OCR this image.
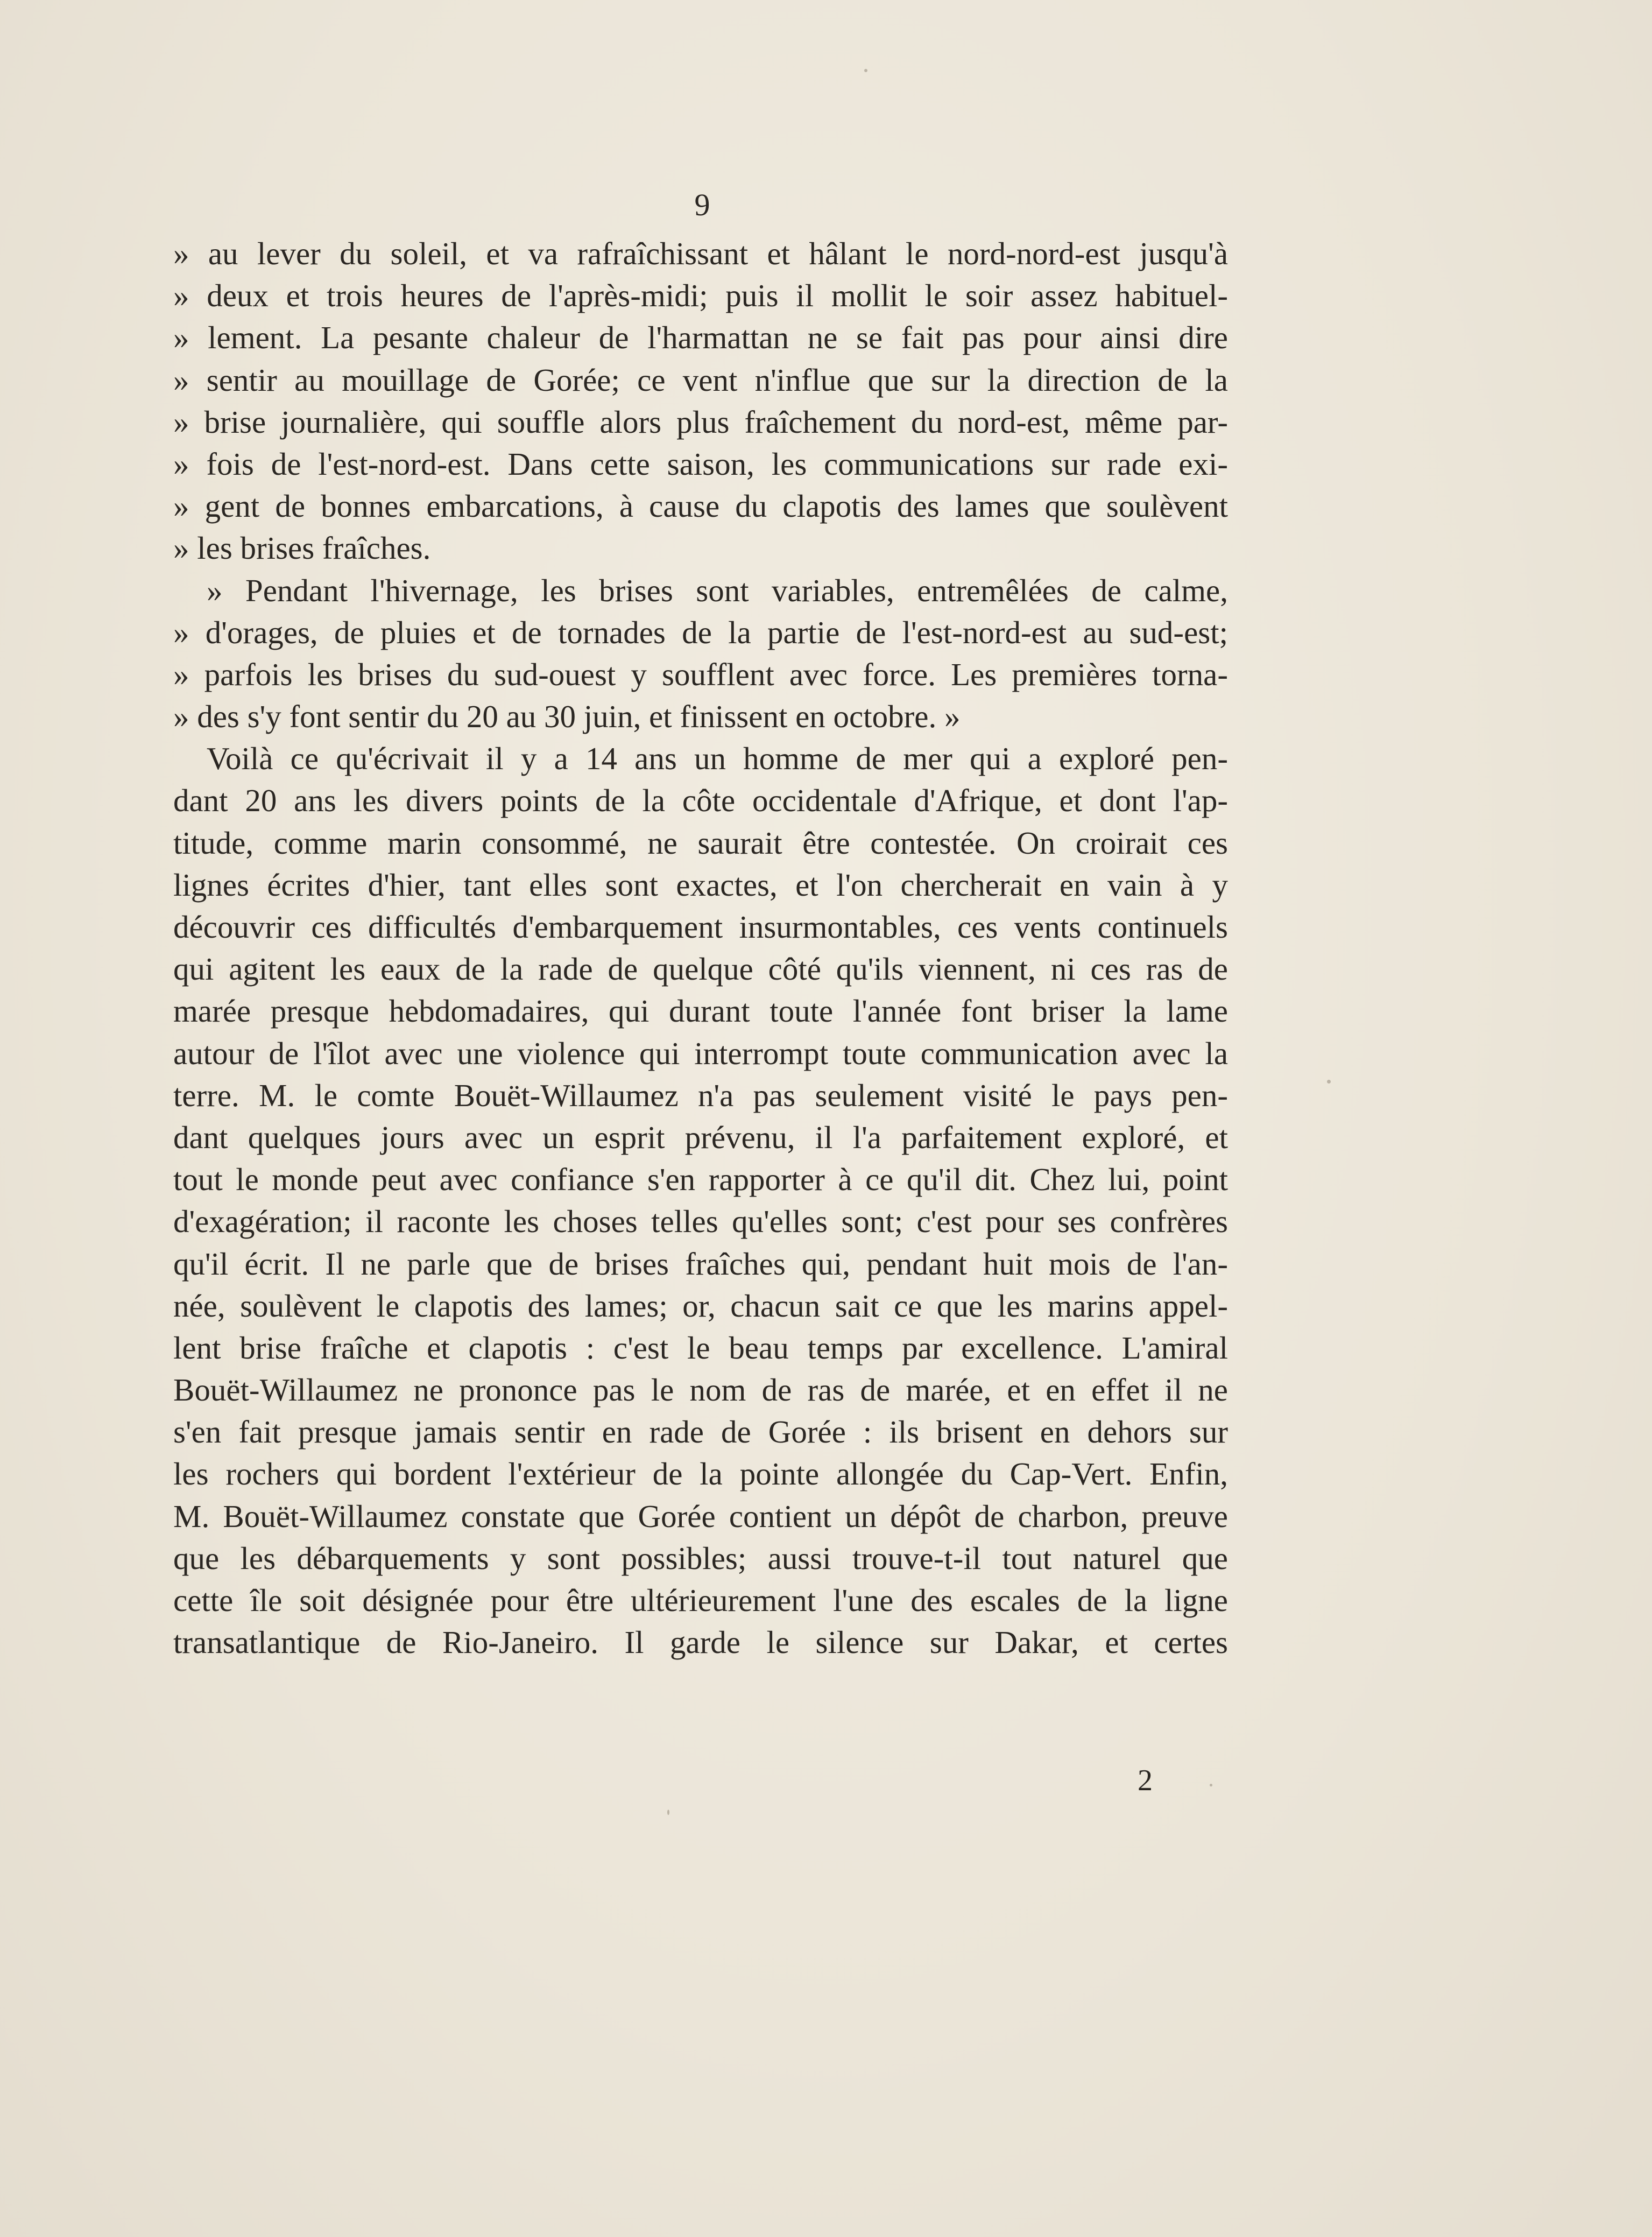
9
» au lever du soleil, et va rafraîchissant et hâlant le nord-nord-est jusqu'à
» deux et trois heures de l'après-midi; puis il mollit le soir assez habituel-
» lement. La pesante chaleur de l'harmattan ne se fait pas pour ainsi dire
» sentir au mouillage de Gorée; ce vent n'influe que sur la direction de la
» brise journalière, qui souffle alors plus fraîchement du nord-est, même par-
» fois de l'est-nord-est. Dans cette saison, les communications sur rade exi-
» gent de bonnes embarcations, à cause du clapotis des lames que soulèvent
» les brises fraîches.
» Pendant l'hivernage, les brises sont variables, entremêlées de calme,
» d'orages, de pluies et de tornades de la partie de l'est-nord-est au sud-est;
» parfois les brises du sud-ouest y soufflent avec force. Les premières torna-
» des s'y font sentir du 20 au 30 juin, et finissent en octobre. »
Voilà ce qu'écrivait il y a 14 ans un homme de mer qui a exploré pen-
dant 20 ans les divers points de la côte occidentale d'Afrique, et dont l'ap-
titude, comme marin consommé, ne saurait être contestée. On croirait ces
lignes écrites d'hier, tant elles sont exactes, et l'on chercherait en vain à y
découvrir ces difficultés d'embarquement insurmontables, ces vents continuels
qui agitent les eaux de la rade de quelque côté qu'ils viennent, ni ces ras de
marée presque hebdomadaires, qui durant toute l'année font briser la lame
autour de l'îlot avec une violence qui interrompt toute communication avec la
terre. M. le comte Bouët-Willaumez n'a pas seulement visité le pays pen-
dant quelques jours avec un esprit prévenu, il l'a parfaitement exploré, et
tout le monde peut avec confiance s'en rapporter à ce qu'il dit. Chez lui, point
d'exagération; il raconte les choses telles qu'elles sont; c'est pour ses confrères
qu'il écrit. Il ne parle que de brises fraîches qui, pendant huit mois de l'an-
née, soulèvent le clapotis des lames; or, chacun sait ce que les marins appel-
lent brise fraîche et clapotis : c'est le beau temps par excellence. L'amiral
Bouët-Willaumez ne prononce pas le nom de ras de marée, et en effet il ne
s'en fait presque jamais sentir en rade de Gorée : ils brisent en dehors sur
les rochers qui bordent l'extérieur de la pointe allongée du Cap-Vert. Enfin,
M. Bouët-Willaumez constate que Gorée contient un dépôt de charbon, preuve
que les débarquements y sont possibles; aussi trouve-t-il tout naturel que
cette île soit désignée pour être ultérieurement l'une des escales de la ligne
transatlantique de Rio-Janeiro. Il garde le silence sur Dakar, et certes
2
